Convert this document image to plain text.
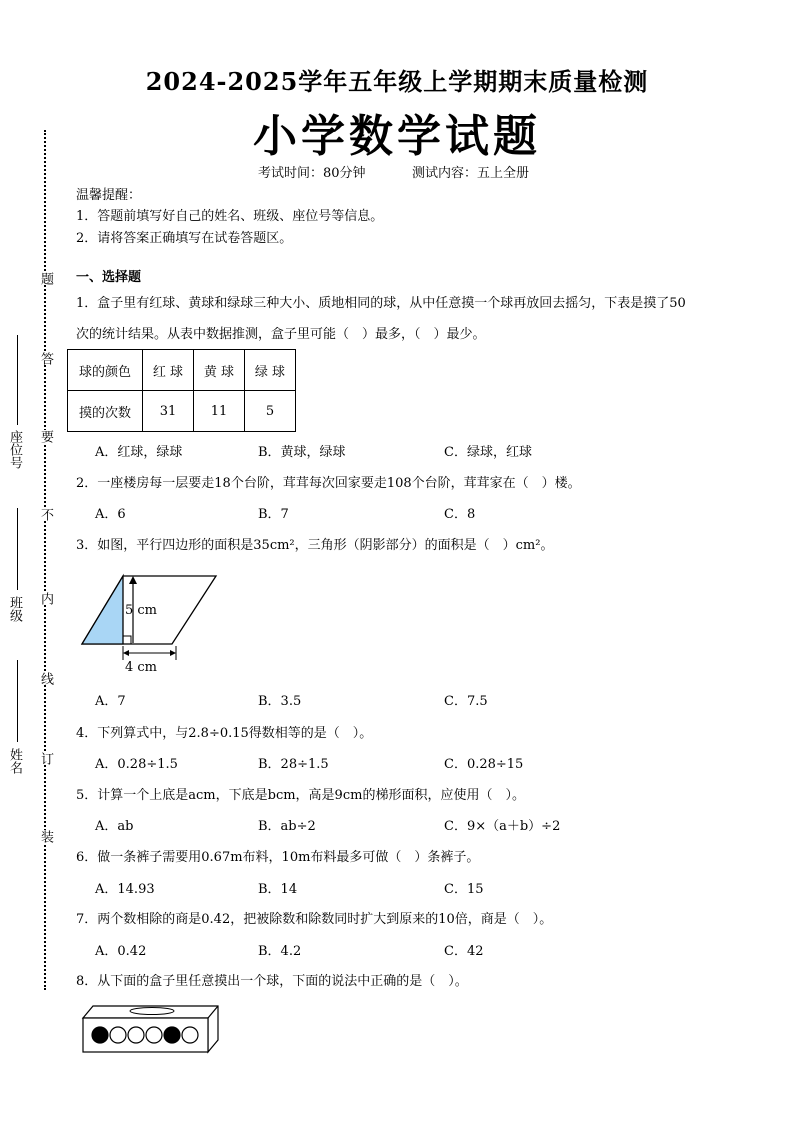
座位号
班级
姓名
题
答
要
不
内
线
订
装
2024-2025学年五年级上学期期末质量检测
小学数学试题
考试时间：80分钟	测试内容：五上全册
温馨提醒：
1．答题前填写好自己的姓名、班级、座位号等信息。
2．请将答案正确填写在试卷答题区。
一、选择题
1．盒子里有红球、黄球和绿球三种大小、质地相同的球，从中任意摸一个球再放回去摇匀，下表是摸了50
次的统计结果。从表中数据推测，盒子里可能（　）最多，（　）最少。
球的颜色	红 球	黄 球	绿 球
摸的次数	31	11	5
A．红球，绿球	B．黄球，绿球	C．绿球，红球
2．一座楼房每一层要走18个台阶，茸茸每次回家要走108个台阶，茸茸家在（　）楼。
A．6	B．7	C．8
3．如图，平行四边形的面积是35cm²，三角形（阴影部分）的面积是（　）cm²。
5 cm
4 cm
A．7	B．3.5	C．7.5
4．下列算式中，与2.8÷0.15得数相等的是（　）。
A．0.28÷1.5	B．28÷1.5	C．0.28÷15
5．计算一个上底是acm，下底是bcm，高是9cm的梯形面积，应使用（　）。
A．ab	B．ab÷2	C．9×（a＋b）÷2
6．做一条裤子需要用0.67m布料，10m布料最多可做（　）条裤子。
A．14.93	B．14	C．15
7．两个数相除的商是0.42，把被除数和除数同时扩大到原来的10倍，商是（　）。
A．0.42	B．4.2	C．42
8．从下面的盒子里任意摸出一个球，下面的说法中正确的是（　）。
